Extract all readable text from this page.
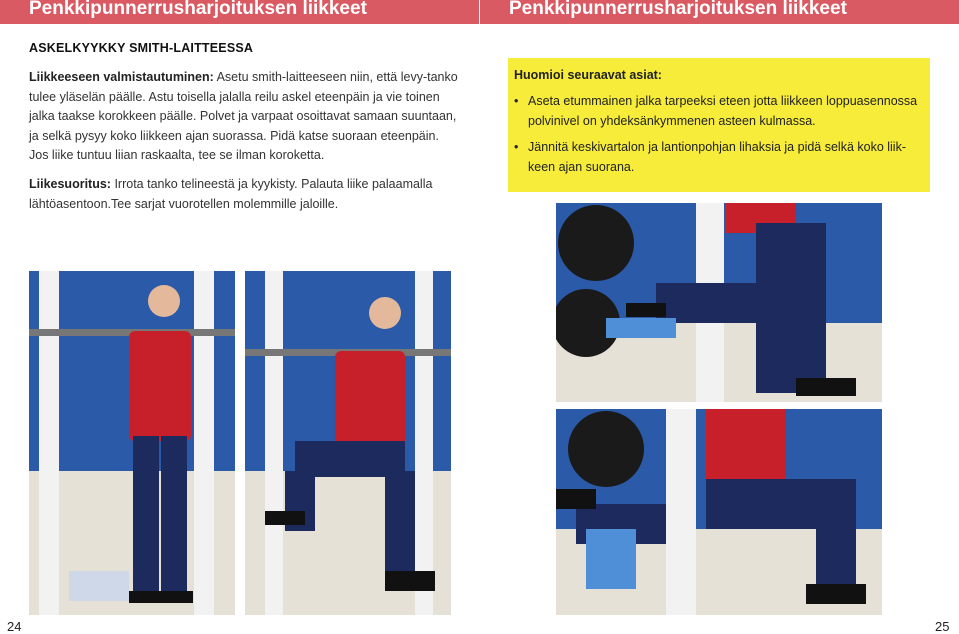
Penkkipunnerrusharjoituksen liikkeet	Penkkipunnerrusharjoituksen liikkeet
ASKELKYYKKY SMITH-LAITTEESSA
Liikkeeseen valmistautuminen: Asetu smith-laitteeseen niin, että levy-tanko tulee yläselän päälle. Astu toisella jalalla reilu askel eteenpäin ja vie toinen jalka taakse korokkeen päälle. Polvet ja varpaat osoittavat samaan suuntaan, ja selkä pysyy koko liikkeen ajan suorassa. Pidä katse suoraan eteenpäin. Jos liike tuntuu liian raskaalta, tee se ilman koroketta.
Liikesuoritus: Irrota tanko telineestä ja kyykisty. Palauta liike palaamalla lähtöasentoon.Tee sarjat vuorotellen molemmille jaloille.
Huomioi seuraavat asiat:
• Aseta etummainen jalka tarpeeksi eteen jotta liikkeen loppuasennossa polvinivel on yhdeksänkymmenen asteen kulmassa.
• Jännitä keskivartalon ja lantionpohjan lihaksia ja pidä selkä koko liik-keen ajan suorana.
24	25
